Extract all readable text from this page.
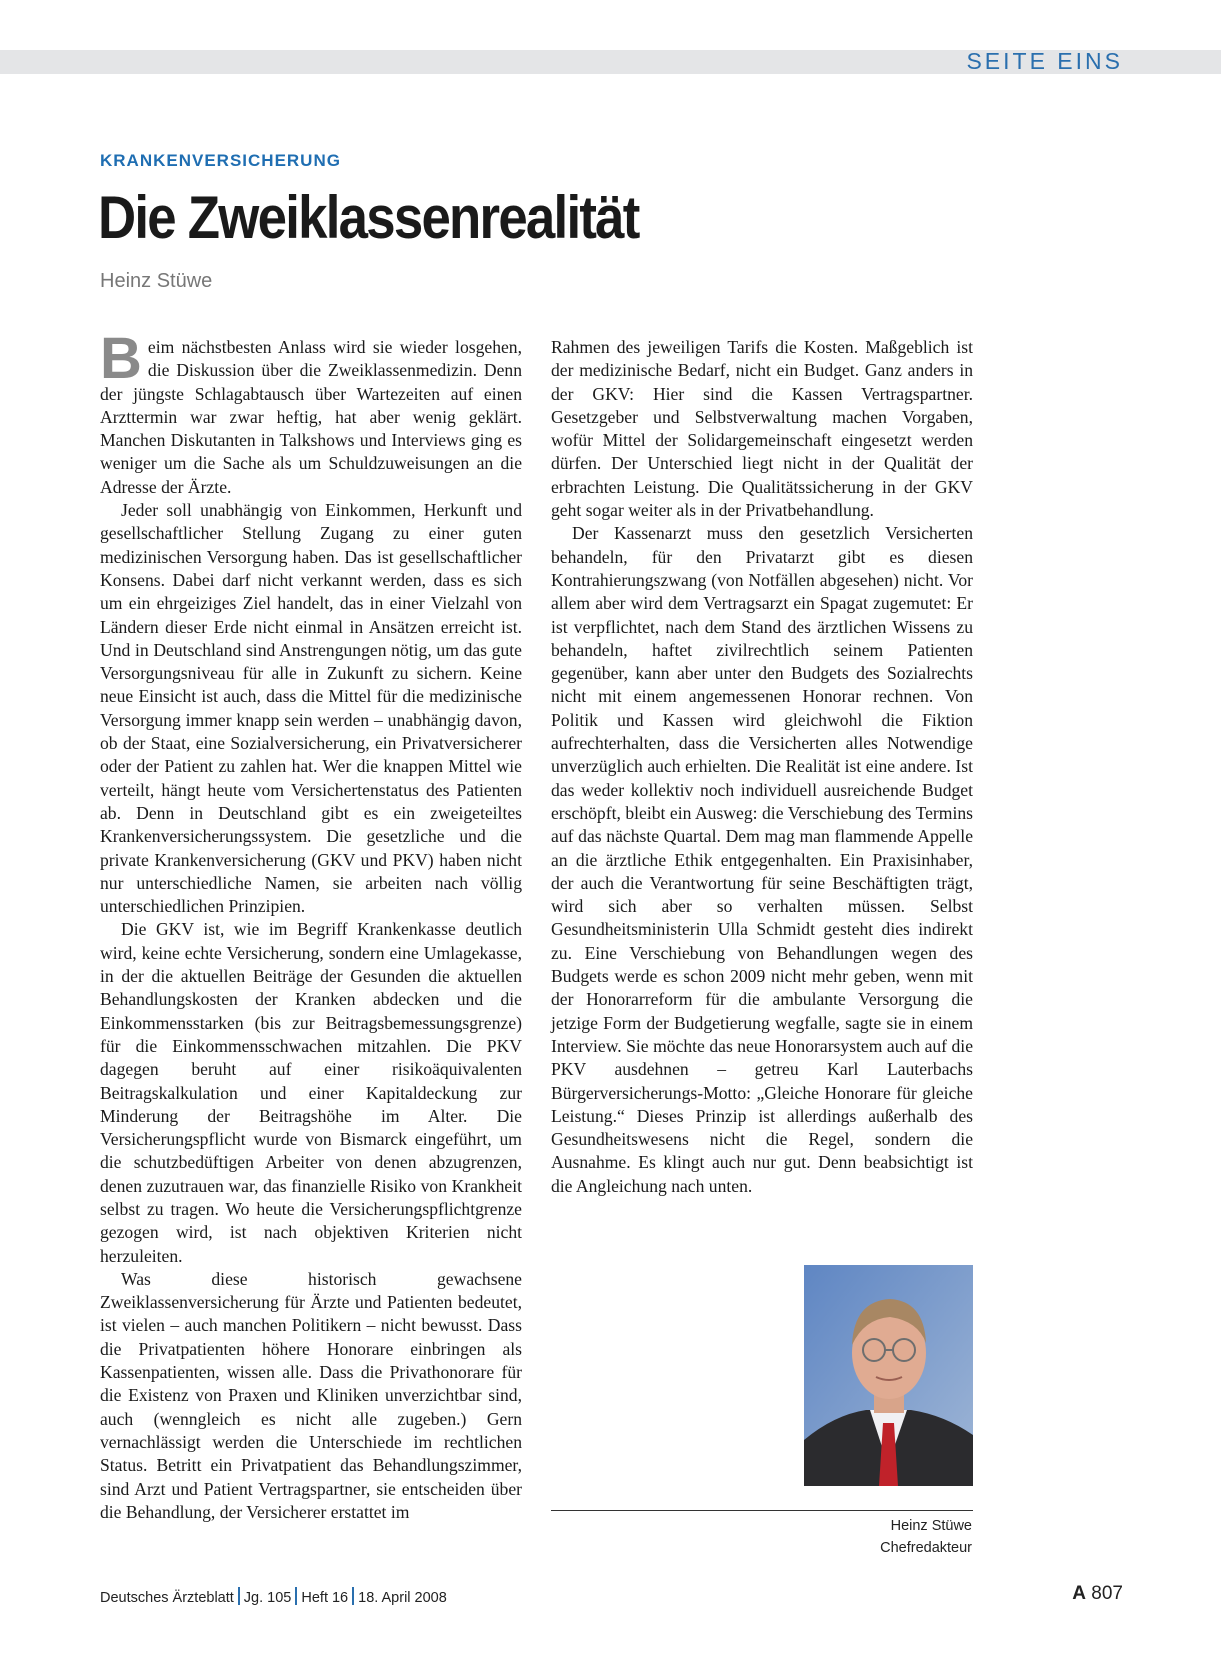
SEITE EINS
KRANKENVERSICHERUNG
Die Zweiklassenrealität
Heinz Stüwe

Beim nächstbesten Anlass wird sie wieder losgehen, die Diskussion über die Zweiklassenmedizin. Denn der jüngste Schlagabtausch über Wartezeiten auf einen Arzttermin war zwar heftig, hat aber wenig geklärt. Manchen Diskutanten in Talkshows und Interviews ging es weniger um die Sache als um Schuldzuweisungen an die Adresse der Ärzte.

Jeder soll unabhängig von Einkommen, Herkunft und gesellschaftlicher Stellung Zugang zu einer guten medizinischen Versorgung haben. Das ist gesellschaftlicher Konsens. Dabei darf nicht verkannt werden, dass es sich um ein ehrgeiziges Ziel handelt, das in einer Vielzahl von Ländern dieser Erde nicht einmal in Ansätzen erreicht ist. Und in Deutschland sind Anstrengungen nötig, um das gute Versorgungsniveau für alle in Zukunft zu sichern. Keine neue Einsicht ist auch, dass die Mittel für die medizinische Versorgung immer knapp sein werden – unabhängig davon, ob der Staat, eine Sozialversicherung, ein Privatversicherer oder der Patient zu zahlen hat. Wer die knappen Mittel wie verteilt, hängt heute vom Versichertenstatus des Patienten ab. Denn in Deutschland gibt es ein zweigeteiltes Krankenversicherungssystem. Die gesetzliche und die private Krankenversicherung (GKV und PKV) haben nicht nur unterschiedliche Namen, sie arbeiten nach völlig unterschiedlichen Prinzipien.

Die GKV ist, wie im Begriff Krankenkasse deutlich wird, keine echte Versicherung, sondern eine Umlagekasse, in der die aktuellen Beiträge der Gesunden die aktuellen Behandlungskosten der Kranken abdecken und die Einkommensstarken (bis zur Beitragsbemessungsgrenze) für die Einkommensschwachen mitzahlen. Die PKV dagegen beruht auf einer risikoäquivalenten Beitragskalkulation und einer Kapitaldeckung zur Minderung der Beitragshöhe im Alter. Die Versicherungspflicht wurde von Bismarck eingeführt, um die schutzbedüftigen Arbeiter von denen abzugrenzen, denen zuzutrauen war, das finanzielle Risiko von Krankheit selbst zu tragen. Wo heute die Versicherungspflichtgrenze gezogen wird, ist nach objektiven Kriterien nicht herzuleiten.

Was diese historisch gewachsene Zweiklassenversicherung für Ärzte und Patienten bedeutet, ist vielen – auch manchen Politikern – nicht bewusst. Dass die Privatpatienten höhere Honorare einbringen als Kassenpatienten, wissen alle. Dass die Privathonorare für die Existenz von Praxen und Kliniken unverzichtbar sind, auch (wenngleich es nicht alle zugeben.) Gern vernachlässigt werden die Unterschiede im rechtlichen Status. Betritt ein Privatpatient das Behandlungszimmer, sind Arzt und Patient Vertragspartner, sie entscheiden über die Behandlung, der Versicherer erstattet im

Rahmen des jeweiligen Tarifs die Kosten. Maßgeblich ist der medizinische Bedarf, nicht ein Budget. Ganz anders in der GKV: Hier sind die Kassen Vertragspartner. Gesetzgeber und Selbstverwaltung machen Vorgaben, wofür Mittel der Solidargemeinschaft eingesetzt werden dürfen. Der Unterschied liegt nicht in der Qualität der erbrachten Leistung. Die Qualitätssicherung in der GKV geht sogar weiter als in der Privatbehandlung.

Der Kassenarzt muss den gesetzlich Versicherten behandeln, für den Privatarzt gibt es diesen Kontrahierungszwang (von Notfällen abgesehen) nicht. Vor allem aber wird dem Vertragsarzt ein Spagat zugemutet: Er ist verpflichtet, nach dem Stand des ärztlichen Wissens zu behandeln, haftet zivilrechtlich seinem Patienten gegenüber, kann aber unter den Budgets des Sozialrechts nicht mit einem angemessenen Honorar rechnen. Von Politik und Kassen wird gleichwohl die Fiktion aufrechterhalten, dass die Versicherten alles Notwendige unverzüglich auch erhielten. Die Realität ist eine andere. Ist das weder kollektiv noch individuell ausreichende Budget erschöpft, bleibt ein Ausweg: die Verschiebung des Termins auf das nächste Quartal. Dem mag man flammende Appelle an die ärztliche Ethik entgegenhalten. Ein Praxisinhaber, der auch die Verantwortung für seine Beschäftigten trägt, wird sich aber so verhalten müssen. Selbst Gesundheitsministerin Ulla Schmidt gesteht dies indirekt zu. Eine Verschiebung von Behandlungen wegen des Budgets werde es schon 2009 nicht mehr geben, wenn mit der Honorarreform für die ambulante Versorgung die jetzige Form der Budgetierung wegfalle, sagte sie in einem Interview. Sie möchte das neue Honorarsystem auch auf die PKV ausdehnen – getreu Karl Lauterbachs Bürgerversicherungs-Motto: „Gleiche Honorare für gleiche Leistung.“ Dieses Prinzip ist allerdings außerhalb des Gesundheitswesens nicht die Regel, sondern die Ausnahme. Es klingt auch nur gut. Denn beabsichtigt ist die Angleichung nach unten.

Heinz Stüwe
Chefredakteur
Deutsches Ärzteblatt Jg. 105 Heft 16 18. April 2008	A 807
